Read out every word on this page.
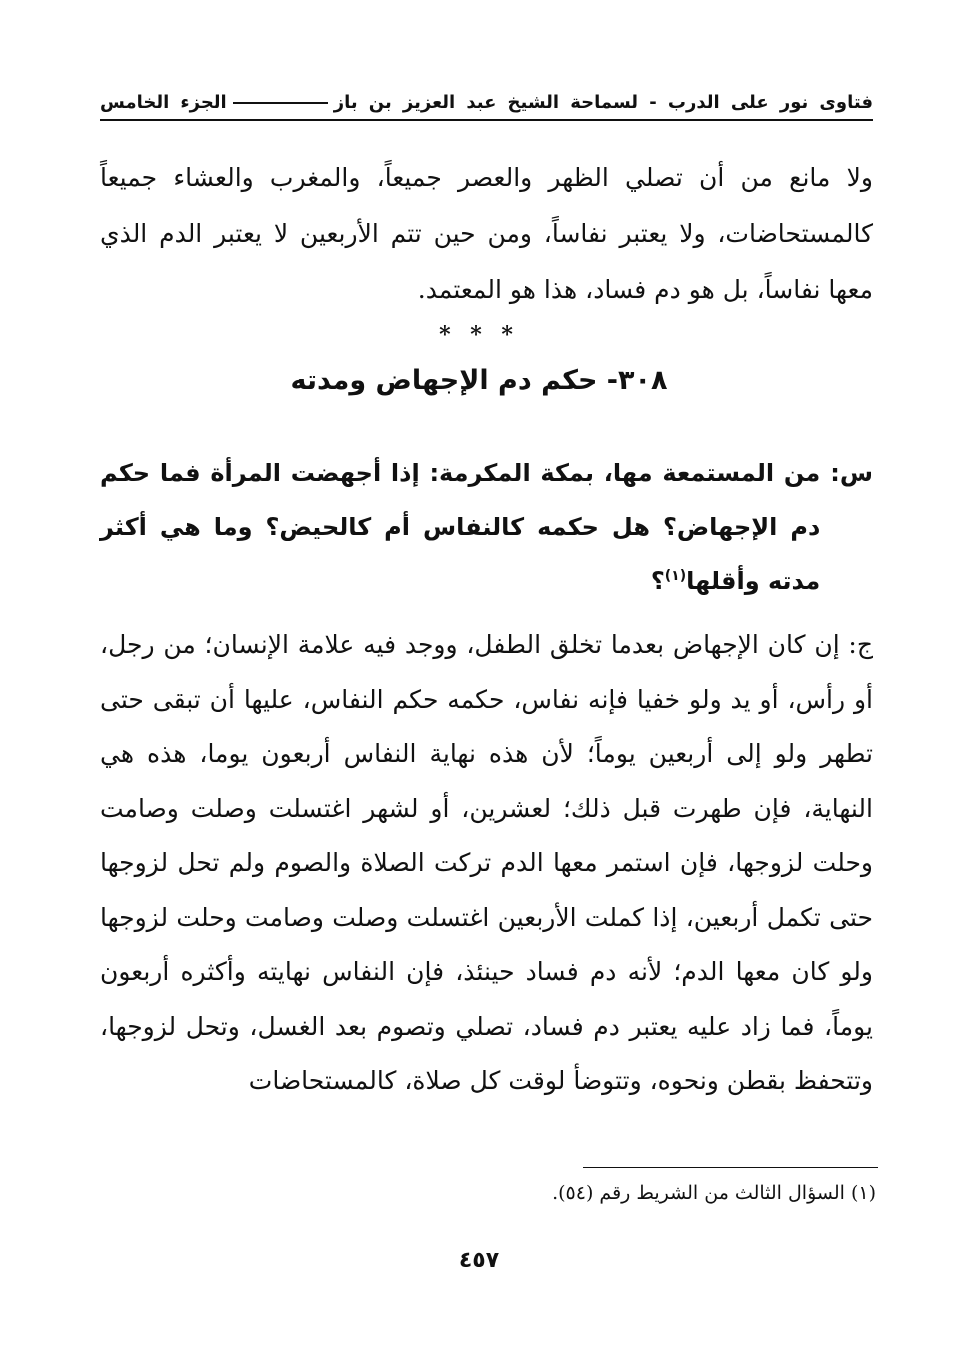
فتاوى نور على الدرب - لسماحة الشيخ عبد العزيز بن بازالجزء الخامس
ولا مانع من أن تصلي الظهر والعصر جميعاً، والمغرب والعشاء جميعاً كالمستحاضات، ولا يعتبر نفاساً، ومن حين تتم الأربعين لا يعتبر الدم الذي معها نفاساً، بل هو دم فساد، هذا هو المعتمد.
* * *
٣٠٨- حكم دم الإجهاض ومدته
س:
من المستمعة مها، بمكة المكرمة: إذا أجهضت المرأة فما حكم دم الإجهاض؟ هل حكمه كالنفاس أم كالحيض؟ وما هي أكثر مدته وأقلها$^{(١)}$؟
ج: إن كان الإجهاض بعدما تخلق الطفل، ووجد فيه علامة الإنسان؛ من رجل، أو رأس، أو يد ولو خفيا فإنه نفاس، حكمه حكم النفاس، عليها أن تبقى حتى تطهر ولو إلى أربعين يوماً؛ لأن هذه نهاية النفاس أربعون يوما، هذه هي النهاية، فإن طهرت قبل ذلك؛ لعشرين، أو لشهر اغتسلت وصلت وصامت وحلت لزوجها، فإن استمر معها الدم تركت الصلاة والصوم ولم تحل لزوجها حتى تكمل أربعين، إذا كملت الأربعين اغتسلت وصلت وصامت وحلت لزوجها ولو كان معها الدم؛ لأنه دم فساد حينئذ، فإن النفاس نهايته وأكثره أربعون يوماً، فما زاد عليه يعتبر دم فساد، تصلي وتصوم بعد الغسل، وتحل لزوجها، وتتحفظ بقطن ونحوه، وتتوضأ لوقت كل صلاة، كالمستحاضات
(١) السؤال الثالث من الشريط رقم (٥٤).
٤٥٧
